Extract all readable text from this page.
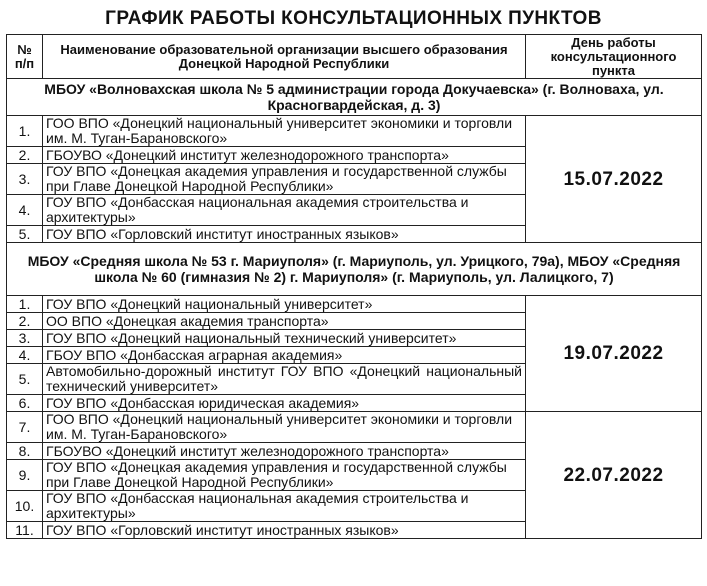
ГРАФИК РАБОТЫ КОНСУЛЬТАЦИОННЫХ ПУНКТОВ
№ п/п	Наименование образовательной организации высшего образования Донецкой Народной Республики	День работы консультационного пункта
МБОУ «Волновахская школа № 5 администрации города Докучаевска» (г. Волноваха, ул. Красногвардейская, д. 3)		
1.	ГОО ВПО «Донецкий национальный университет экономики и торговли им. М. Туган-Барановского»	15.07.2022
2.	ГБОУВО «Донецкий институт железнодорожного транспорта»	
3.	ГОУ ВПО «Донецкая академия управления и государственной службы при Главе Донецкой Народной Республики»	
4.	ГОУ ВПО «Донбасская национальная академия строительства и архитектуры»	
5.	ГОУ ВПО «Горловский институт иностранных языков»	
МБОУ «Средняя школа № 53 г. Мариуполя» (г. Мариуполь, ул. Урицкого, 79а), МБОУ «Средняя школа № 60 (гимназия № 2) г. Мариуполя» (г. Мариуполь, ул. Лалицкого, 7)		
1.	ГОУ ВПО «Донецкий национальный университет»	19.07.2022
2.	ОО ВПО «Донецкая академия транспорта»	
3.	ГОУ ВПО «Донецкий национальный технический университет»	
4.	ГБОУ ВПО «Донбасская аграрная академия»	
5.	Автомобильно-дорожный институт ГОУ ВПО «Донецкий национальный технический университет»	
6.	ГОУ ВПО «Донбасская юридическая академия»	
7.	ГОО ВПО «Донецкий национальный университет экономики и торговли им. М. Туган-Барановского»	22.07.2022
8.	ГБОУВО «Донецкий институт железнодорожного транспорта»	
9.	ГОУ ВПО «Донецкая академия управления и государственной службы при Главе Донецкой Народной Республики»	
10.	ГОУ ВПО «Донбасская национальная академия строительства и архитектуры»	
11.	ГОУ ВПО «Горловский институт иностранных языков»	
